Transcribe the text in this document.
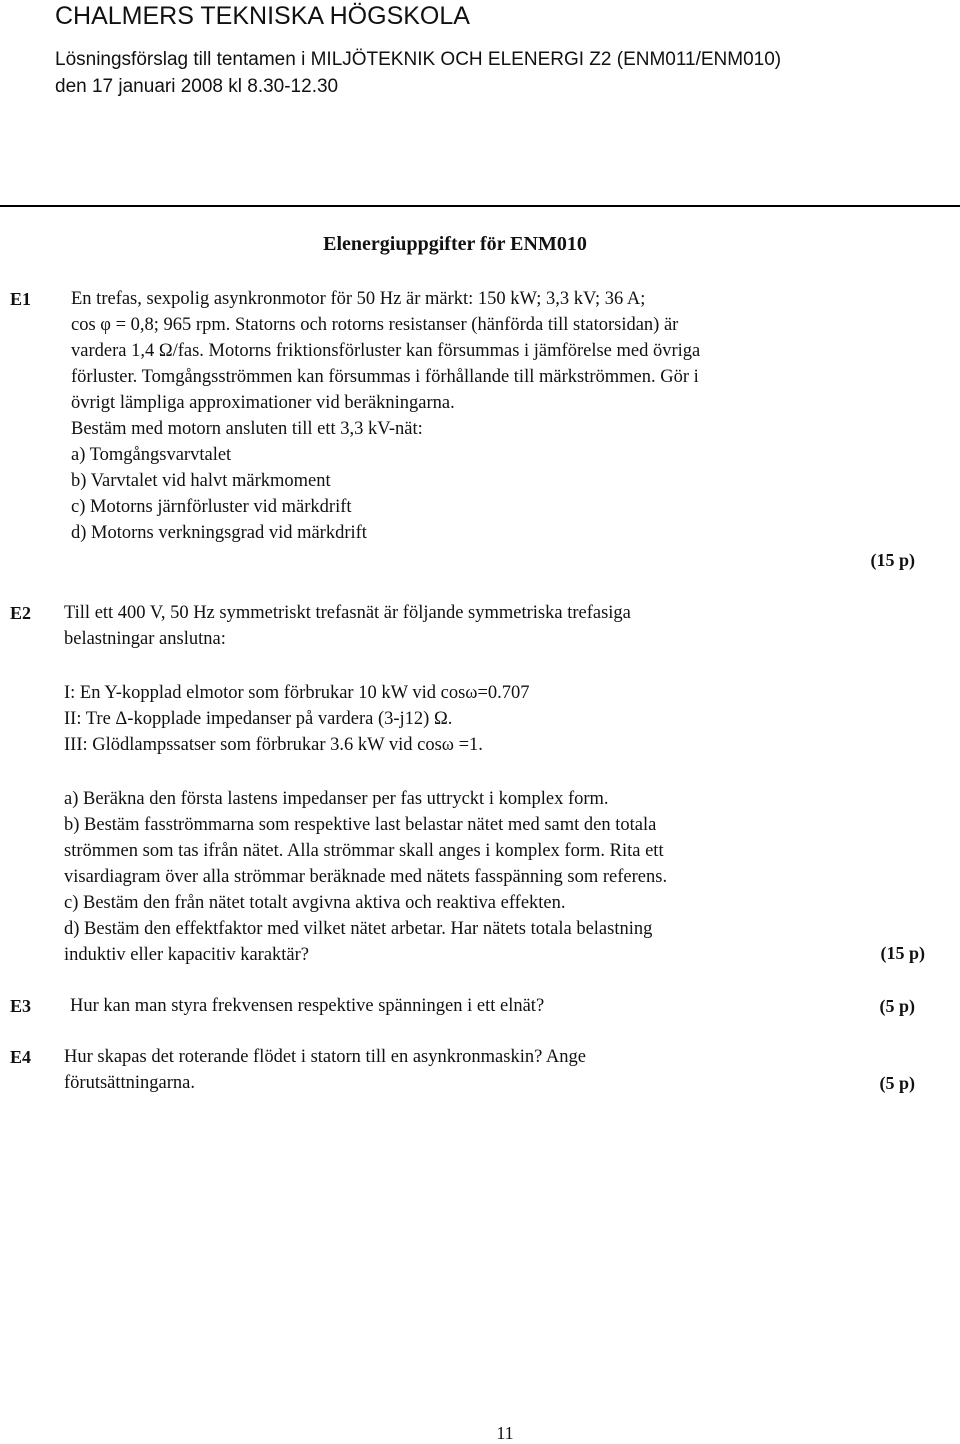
CHALMERS TEKNISKA HÖGSKOLA
Lösningsförslag till tentamen i MILJÖTEKNIK OCH ELENERGI Z2 (ENM011/ENM010)
den 17 januari 2008 kl 8.30-12.30
Elenergiuppgifter för ENM010
E1 En trefas, sexpolig asynkronmotor för 50 Hz är märkt: 150 kW; 3,3 kV; 36 A;
cos φ = 0,8; 965 rpm. Statorns och rotorns resistanser (hänförda till statorsidan) är
vardera 1,4 Ω/fas. Motorns friktionsförluster kan försummas i jämförelse med övriga
förluster. Tomgångsströmmen kan försummas i förhållande till märkströmmen. Gör i
övrigt lämpliga approximationer vid beräkningarna.
Bestäm med motorn ansluten till ett 3,3 kV-nät:
a) Tomgångsvarvtalet
b) Varvtalet vid halvt märkmoment
c) Motorns järnförluster vid märkdrift
d) Motorns verkningsgrad vid märkdrift
(15 p)
E2 Till ett 400 V, 50 Hz symmetriskt trefasnät är följande symmetriska trefasiga
belastningar anslutna:
I: En Y-kopplad elmotor som förbrukar 10 kW vid cosω=0.707
II: Tre Δ-kopplade impedanser på vardera (3-j12) Ω.
III: Glödlampssatser som förbrukar 3.6 kW vid cosω =1.
a) Beräkna den första lastens impedanser per fas uttryckt i komplex form.
b) Bestäm fasströmmarna som respektive last belastar nätet med samt den totala
strömmen som tas ifrån nätet. Alla strömmar skall anges i komplex form. Rita ett
visardiagram över alla strömmar beräknade med nätets fasspänning som referens.
c) Bestäm den från nätet totalt avgivna aktiva och reaktiva effekten.
d) Bestäm den effektfaktor med vilket nätet arbetar. Har nätets totala belastning
induktiv eller kapacitiv karaktär?	(15 p)
E3 Hur kan man styra frekvensen respektive spänningen i ett elnät?	(5 p)
E4 Hur skapas det roterande flödet i statorn till en asynkronmaskin? Ange
förutsättningarna.	(5 p)
11
